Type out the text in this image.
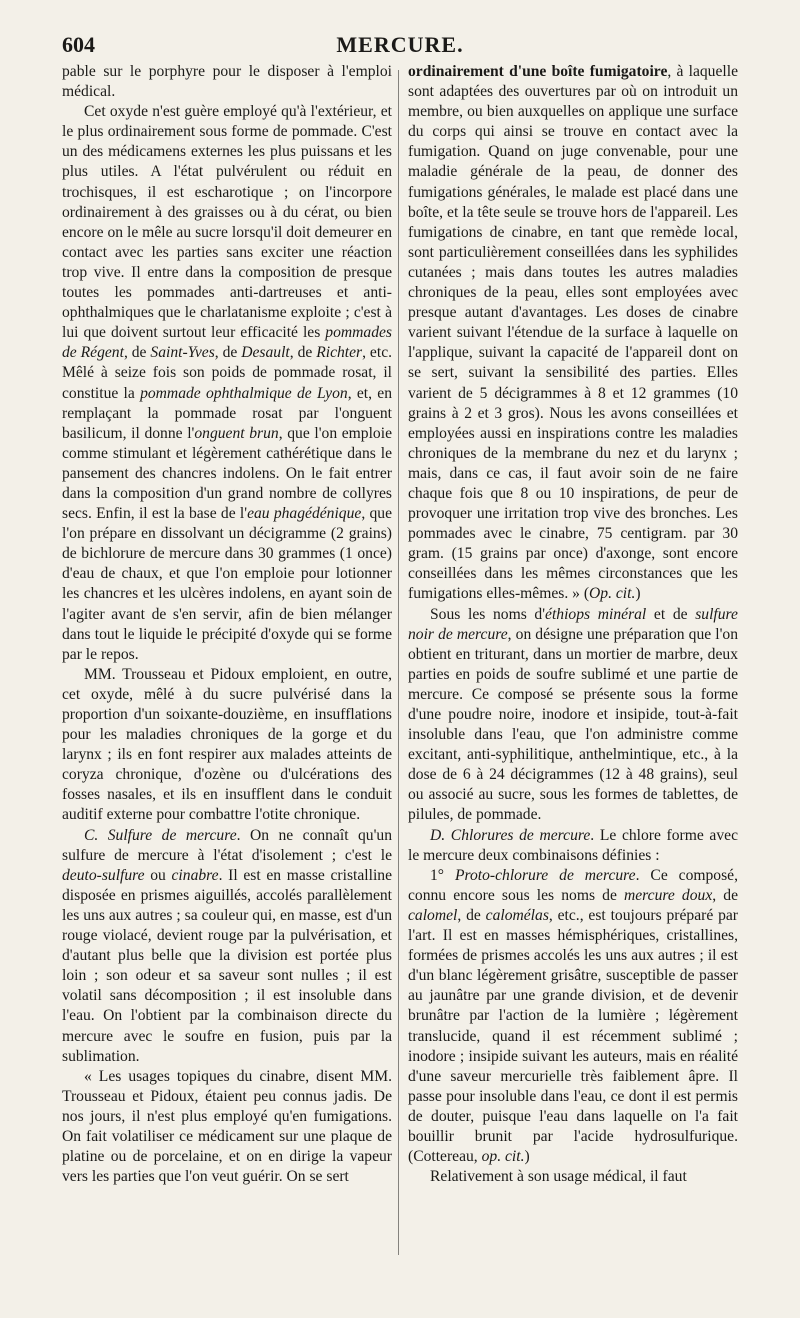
604	MERCURE.

pable sur le porphyre pour le disposer à l'emploi médical.

Cet oxyde n'est guère employé qu'à l'extérieur, et le plus ordinairement sous forme de pommade. C'est un des médicamens externes les plus puissans et les plus utiles. A l'état pulvérulent ou réduit en trochisques, il est escharotique ; on l'incorpore ordinairement à des graisses ou à du cérat, ou bien encore on le mêle au sucre lorsqu'il doit demeurer en contact avec les parties sans exciter une réaction trop vive. Il entre dans la composition de presque toutes les pommades anti-dartreuses et anti-ophthalmiques que le charlatanisme exploite ; c'est à lui que doivent surtout leur efficacité les pommades de Régent, de Saint-Yves, de Desault, de Richter, etc. Mêlé à seize fois son poids de pommade rosat, il constitue la pommade ophthalmique de Lyon, et, en remplaçant la pommade rosat par l'onguent basilicum, il donne l'onguent brun, que l'on emploie comme stimulant et légèrement cathérétique dans le pansement des chancres indolens. On le fait entrer dans la composition d'un grand nombre de collyres secs. Enfin, il est la base de l'eau phagédénique, que l'on prépare en dissolvant un décigramme (2 grains) de bichlorure de mercure dans 30 grammes (1 once) d'eau de chaux, et que l'on emploie pour lotionner les chancres et les ulcères indolens, en ayant soin de l'agiter avant de s'en servir, afin de bien mélanger dans tout le liquide le précipité d'oxyde qui se forme par le repos.

MM. Trousseau et Pidoux emploient, en outre, cet oxyde, mêlé à du sucre pulvérisé dans la proportion d'un soixante-douzième, en insufflations pour les maladies chroniques de la gorge et du larynx ; ils en font respirer aux malades atteints de coryza chronique, d'ozène ou d'ulcérations des fosses nasales, et ils en insufflent dans le conduit auditif externe pour combattre l'otite chronique.

C. Sulfure de mercure. On ne connaît qu'un sulfure de mercure à l'état d'isolement ; c'est le deuto-sulfure ou cinabre. Il est en masse cristalline disposée en prismes aiguillés, accolés parallèlement les uns aux autres ; sa couleur qui, en masse, est d'un rouge violacé, devient rouge par la pulvérisation, et d'autant plus belle que la division est portée plus loin ; son odeur et sa saveur sont nulles ; il est volatil sans décomposition ; il est insoluble dans l'eau. On l'obtient par la combinaison directe du mercure avec le soufre en fusion, puis par la sublimation.

« Les usages topiques du cinabre, disent MM. Trousseau et Pidoux, étaient peu connus jadis. De nos jours, il n'est plus employé qu'en fumigations. On fait volatiliser ce médicament sur une plaque de platine ou de porcelaine, et on en dirige la vapeur vers les parties que l'on veut guérir. On se sert

ordinairement d'une boîte fumigatoire, à laquelle sont adaptées des ouvertures par où on introduit un membre, ou bien auxquelles on applique une surface du corps qui ainsi se trouve en contact avec la fumigation. Quand on juge convenable, pour une maladie générale de la peau, de donner des fumigations générales, le malade est placé dans une boîte, et la tête seule se trouve hors de l'appareil. Les fumigations de cinabre, en tant que remède local, sont particulièrement conseillées dans les syphilides cutanées ; mais dans toutes les autres maladies chroniques de la peau, elles sont employées avec presque autant d'avantages. Les doses de cinabre varient suivant l'étendue de la surface à laquelle on l'applique, suivant la capacité de l'appareil dont on se sert, suivant la sensibilité des parties. Elles varient de 5 décigrammes à 8 et 12 grammes (10 grains à 2 et 3 gros). Nous les avons conseillées et employées aussi en inspirations contre les maladies chroniques de la membrane du nez et du larynx ; mais, dans ce cas, il faut avoir soin de ne faire chaque fois que 8 ou 10 inspirations, de peur de provoquer une irritation trop vive des bronches. Les pommades avec le cinabre, 75 centigram. par 30 gram. (15 grains par once) d'axonge, sont encore conseillées dans les mêmes circonstances que les fumigations elles-mêmes. » (Op. cit.)

Sous les noms d'éthiops minéral et de sulfure noir de mercure, on désigne une préparation que l'on obtient en triturant, dans un mortier de marbre, deux parties en poids de soufre sublimé et une partie de mercure. Ce composé se présente sous la forme d'une poudre noire, inodore et insipide, tout-à-fait insoluble dans l'eau, que l'on administre comme excitant, anti-syphilitique, anthelmintique, etc., à la dose de 6 à 24 décigrammes (12 à 48 grains), seul ou associé au sucre, sous les formes de tablettes, de pilules, de pommade.

D. Chlorures de mercure. Le chlore forme avec le mercure deux combinaisons définies :

1° Proto-chlorure de mercure. Ce composé, connu encore sous les noms de mercure doux, de calomel, de calomélas, etc., est toujours préparé par l'art. Il est en masses hémisphériques, cristallines, formées de prismes accolés les uns aux autres ; il est d'un blanc légèrement grisâtre, susceptible de passer au jaunâtre par une grande division, et de devenir brunâtre par l'action de la lumière ; légèrement translucide, quand il est récemment sublimé ; inodore ; insipide suivant les auteurs, mais en réalité d'une saveur mercurielle très faiblement âpre. Il passe pour insoluble dans l'eau, ce dont il est permis de douter, puisque l'eau dans laquelle on l'a fait bouillir brunit par l'acide hydrosulfurique. (Cottereau, op. cit.)

Relativement à son usage médical, il faut
